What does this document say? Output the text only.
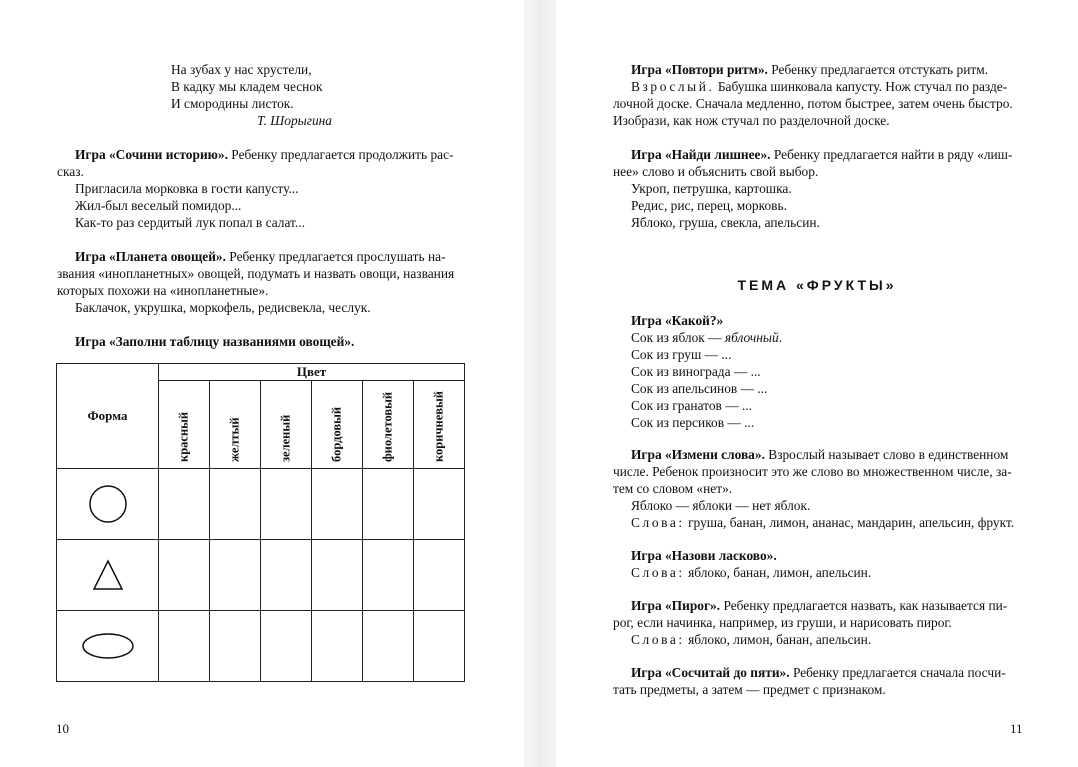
На зубах у нас хрустели,
В кадку мы кладем чеснок
И смородины листок.
Т. Шорыгина
Игра «Сочини историю». Ребенку предлагается продолжить рас-
сказ.
Пригласила морковка в гости капусту...
Жил-был веселый помидор...
Как-то раз сердитый лук попал в салат...
Игра «Планета овощей». Ребенку предлагается прослушать на-
звания «инопланетных» овощей, подумать и назвать овощи, названия
которых похожи на «инопланетные».
Баклачок, укрушка, моркофель, редисвекла, чеслук.
Игра «Заполни таблицу названиями овощей».
Форма	Цвет					

	красный	желтый	зеленый	бордовый	фиолетовый	коричневый

10
Игра «Повтори ритм». Ребенку предлагается отстукать ритм.
Взрослый. Бабушка шинковала капусту. Нож стучал по разде-
лочной доске. Сначала медленно, потом быстрее, затем очень быстро.
Изобрази, как нож стучал по разделочной доске.
Игра «Найди лишнее». Ребенку предлагается найти в ряду «лиш-
нее» слово и объяснить свой выбор.
Укроп, петрушка, картошка.
Редис, рис, перец, морковь.
Яблоко, груша, свекла, апельсин.
ТЕМА «ФРУКТЫ»
Игра «Какой?»
Сок из яблок — яблочный.
Сок из груш — ...
Сок из винограда — ...
Сок из апельсинов — ...
Сок из гранатов — ...
Сок из персиков — ...
Игра «Измени слова». Взрослый называет слово в единственном
числе. Ребенок произносит это же слово во множественном числе, за-
тем со словом «нет».
Яблоко — яблоки — нет яблок.
Слова: груша, банан, лимон, ананас, мандарин, апельсин, фрукт.
Игра «Назови ласково».
Слова: яблоко, банан, лимон, апельсин.
Игра «Пирог». Ребенку предлагается назвать, как называется пи-
рог, если начинка, например, из груши, и нарисовать пирог.
Слова: яблоко, лимон, банан, апельсин.
Игра «Сосчитай до пяти». Ребенку предлагается сначала посчи-
тать предметы, а затем — предмет с признаком.
11
